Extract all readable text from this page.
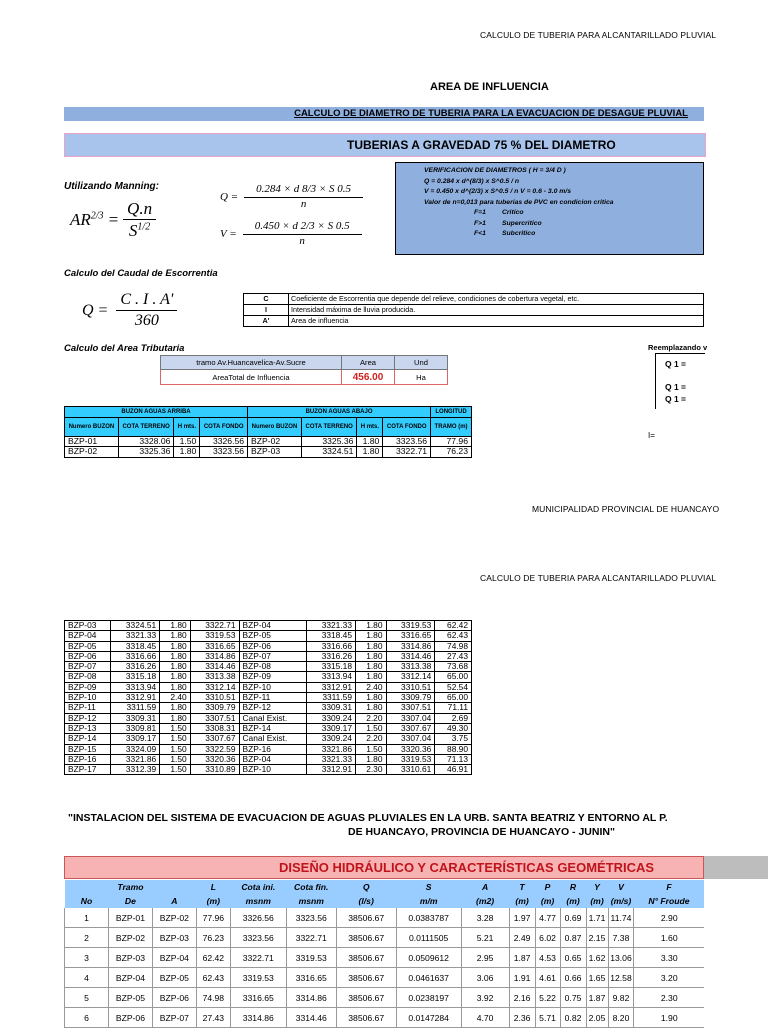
CALCULO DE TUBERIA PARA ALCANTARILLADO PLUVIAL
AREA DE INFLUENCIA
CALCULO DE DIAMETRO DE TUBERIA PARA LA EVACUACION DE DESAGUE PLUVIAL
TUBERIAS A GRAVEDAD 75 % DEL DIAMETRO
Utilizando Manning:
$AR^{2/3} = \frac{Q.n}{S^{1/2}}$
$Q = \frac{0.284 \times d 8/3 \times S 0.5}{n}$
$V = \frac{0.450 \times d 2/3 \times S 0.5}{n}$
VERIFICACION DE DIAMETROS ( H = 3/4 D )
Q = 0.284 x d^(8/3) x S^0.5 / n
V = 0.450 x d^(2/3) x S^0.5 / n V = 0.6 - 3.0 m/s
Valor de n=0,013 para tuberias de PVC en condicion critica
F=1 Critico
F>1 Supercritico
F<1 Subcritico
Calculo del Caudal de Escorrentia
$Q = \frac{C . I . A'}{360}$	C	Coeficiente de Escorrentia que depende del relieve, condiciones de cobertura vegetal, etc.
I	Intensidad máxima de lluvia producida.
A'	Area de influencia
Calculo del Area Tributaria
tramo Av.Huancavelica-Av.Sucre	Area	Und
AreaTotal de Influencia	456.00	Ha
Reemplazando v
Q 1 =
Q 1 =
Q 1 =
I=
BUZON AGUAS ARRIBA				BUZON AGUAS ABAJO				LONGITUD
Numero BUZON	COTA TERRENO	H mts.	COTA FONDO	Numero BUZON	COTA TERRENO	H mts.	COTA FONDO	TRAMO (m)
BZP-01	3328.06	1.50	3326.56	BZP-02	3325.36	1.80	3323.56	77.96
BZP-02	3325.36	1.80	3323.56	BZP-03	3324.51	1.80	3322.71	76.23
MUNICIPALIDAD PROVINCIAL DE HUANCAYO
CALCULO DE TUBERIA PARA ALCANTARILLADO PLUVIAL
BZP-03	3324.51	1.80	3322.71	BZP-04	3321.33	1.80	3319.53	62.42
BZP-04	3321.33	1.80	3319.53	BZP-05	3318.45	1.80	3316.65	62.43
BZP-05	3318.45	1.80	3316.65	BZP-06	3316.66	1.80	3314.86	74.98
BZP-06	3316.66	1.80	3314.86	BZP-07	3316.26	1.80	3314.46	27.43
BZP-07	3316.26	1.80	3314.46	BZP-08	3315.18	1.80	3313.38	73.68
BZP-08	3315.18	1.80	3313.38	BZP-09	3313.94	1.80	3312.14	65.00
BZP-09	3313.94	1.80	3312.14	BZP-10	3312.91	2.40	3310.51	52.54
BZP-10	3312.91	2.40	3310.51	BZP-11	3311.59	1.80	3309.79	65.00
BZP-11	3311.59	1.80	3309.79	BZP-12	3309.31	1.80	3307.51	71.11
BZP-12	3309.31	1.80	3307.51	Canal Exist.	3309.24	2.20	3307.04	2.69
BZP-13	3309.81	1.50	3308.31	BZP-14	3309.17	1.50	3307.67	49.30
BZP-14	3309.17	1.50	3307.67	Canal Exist.	3309.24	2.20	3307.04	3.75
BZP-15	3324.09	1.50	3322.59	BZP-16	3321.86	1.50	3320.36	88.90
BZP-16	3321.86	1.50	3320.36	BZP-04	3321.33	1.80	3319.53	71.13
BZP-17	3312.39	1.50	3310.89	BZP-10	3312.91	2.30	3310.61	46.91
"INSTALACION DEL SISTEMA DE EVACUACION DE AGUAS PLUVIALES EN LA URB. SANTA BEATRIZ Y ENTORNO AL P.
DE HUANCAYO, PROVINCIA DE HUANCAYO - JUNIN"
DISEÑO HIDRÁULICO Y CARACTERÍSTICAS GEOMÉTRICAS
	Tramo		L	Cota ini.	Cota fin.	Q	S	A	T	P	R	Y	V	F
No	De	A	(m)	msnm	msnm	(l/s)	m/m	(m2)	(m)	(m)	(m)	(m)	(m/s)	N° Froude
1	BZP-01	BZP-02	77.96	3326.56	3323.56	38506.67	0.0383787	3.28	1.97	4.77	0.69	1.71	11.74	2.90
2	BZP-02	BZP-03	76.23	3323.56	3322.71	38506.67	0.0111505	5.21	2.49	6.02	0.87	2.15	7.38	1.60
3	BZP-03	BZP-04	62.42	3322.71	3319.53	38506.67	0.0509612	2.95	1.87	4.53	0.65	1.62	13.06	3.30
4	BZP-04	BZP-05	62.43	3319.53	3316.65	38506.67	0.0461637	3.06	1.91	4.61	0.66	1.65	12.58	3.20
5	BZP-05	BZP-06	74.98	3316.65	3314.86	38506.67	0.0238197	3.92	2.16	5.22	0.75	1.87	9.82	2.30
6	BZP-06	BZP-07	27.43	3314.86	3314.46	38506.67	0.0147284	4.70	2.36	5.71	0.82	2.05	8.20	1.90
